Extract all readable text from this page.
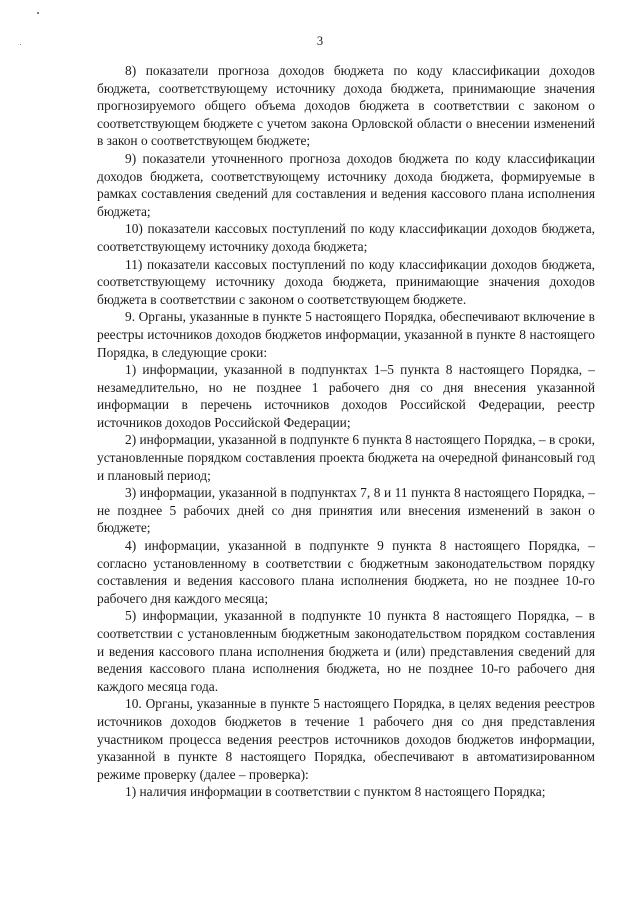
3

8) показатели прогноза доходов бюджета по коду классификации доходов бюджета, соответствующему источнику дохода бюджета, принимающие значения прогнозируемого общего объема доходов бюджета в соответствии с законом о соответствующем бюджете с учетом закона Орловской области о внесении изменений в закон о соответствующем бюджете;

9) показатели уточненного прогноза доходов бюджета по коду классификации доходов бюджета, соответствующему источнику дохода бюджета, формируемые в рамках составления сведений для составления и ведения кассового плана исполнения бюджета;

10) показатели кассовых поступлений по коду классификации доходов бюджета, соответствующему источнику дохода бюджета;

11) показатели кассовых поступлений по коду классификации доходов бюджета, соответствующему источнику дохода бюджета, принимающие значения доходов бюджета в соответствии с законом о соответствующем бюджете.

9. Органы, указанные в пункте 5 настоящего Порядка, обеспечивают включение в реестры источников доходов бюджетов информации, указанной в пункте 8 настоящего Порядка, в следующие сроки:

1) информации, указанной в подпунктах 1–5 пункта 8 настоящего Порядка, – незамедлительно, но не позднее 1 рабочего дня со дня внесения указанной информации в перечень источников доходов Российской Федерации, реестр источников доходов Российской Федерации;

2) информации, указанной в подпункте 6 пункта 8 настоящего Порядка, – в сроки, установленные порядком составления проекта бюджета на очередной финансовый год и плановый период;

3) информации, указанной в подпунктах 7, 8 и 11 пункта 8 настоящего Порядка, – не позднее 5 рабочих дней со дня принятия или внесения изменений в закон о бюджете;

4) информации, указанной в подпункте 9 пункта 8 настоящего Порядка, – согласно установленному в соответствии с бюджетным законодательством порядку составления и ведения кассового плана исполнения бюджета, но не позднее 10-го рабочего дня каждого месяца;

5) информации, указанной в подпункте 10 пункта 8 настоящего Порядка, – в соответствии с установленным бюджетным законодательством порядком составления и ведения кассового плана исполнения бюджета и (или) представления сведений для ведения кассового плана исполнения бюджета, но не позднее 10-го рабочего дня каждого месяца года.

10. Органы, указанные в пункте 5 настоящего Порядка, в целях ведения реестров источников доходов бюджетов в течение 1 рабочего дня со дня представления участником процесса ведения реестров источников доходов бюджетов информации, указанной в пункте 8 настоящего Порядка, обеспечивают в автоматизированном режиме проверку (далее – проверка):

1) наличия информации в соответствии с пунктом 8 настоящего Порядка;
